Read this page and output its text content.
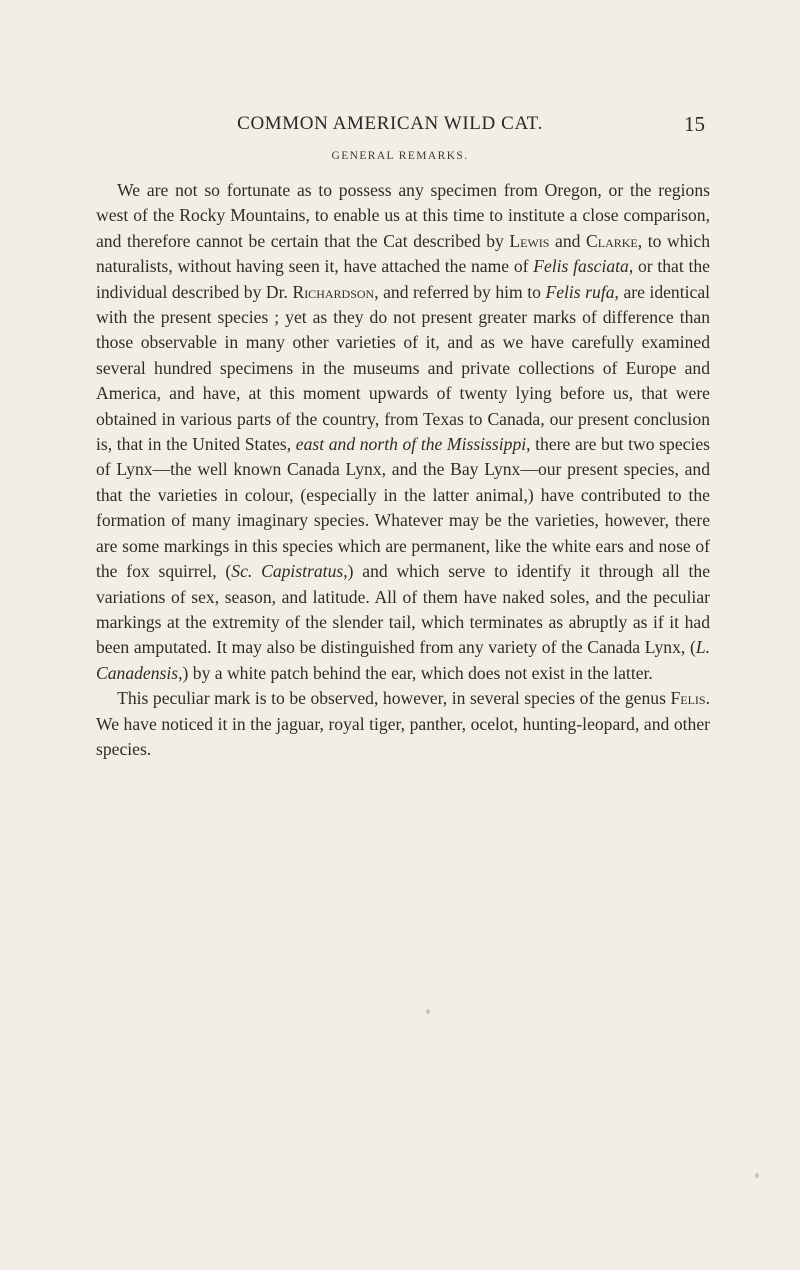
COMMON AMERICAN WILD CAT.	15
GENERAL REMARKS.

We are not so fortunate as to possess any specimen from Oregon, or the regions west of the Rocky Mountains, to enable us at this time to institute a close comparison, and therefore cannot be certain that the Cat described by Lewis and Clarke, to which naturalists, without having seen it, have attached the name of Felis fasciata, or that the individual described by Dr. Richardson, and referred by him to Felis rufa, are identical with the present species ; yet as they do not present greater marks of difference than those observable in many other varieties of it, and as we have carefully examined several hundred specimens in the museums and private collections of Europe and America, and have, at this moment upwards of twenty lying before us, that were obtained in various parts of the country, from Texas to Canada, our present conclusion is, that in the United States, east and north of the Mississippi, there are but two species of Lynx—the well known Canada Lynx, and the Bay Lynx—our present species, and that the varieties in colour, (especially in the latter animal,) have contributed to the formation of many imaginary species. Whatever may be the varieties, however, there are some markings in this species which are permanent, like the white ears and nose of the fox squirrel, (Sc. Capistratus,) and which serve to identify it through all the variations of sex, season, and latitude. All of them have naked soles, and the peculiar markings at the extremity of the slender tail, which terminates as abruptly as if it had been amputated. It may also be distinguished from any variety of the Canada Lynx, (L. Canadensis,) by a white patch behind the ear, which does not exist in the latter.

This peculiar mark is to be observed, however, in several species of the genus Felis. We have noticed it in the jaguar, royal tiger, panther, ocelot, hunting-leopard, and other species.
